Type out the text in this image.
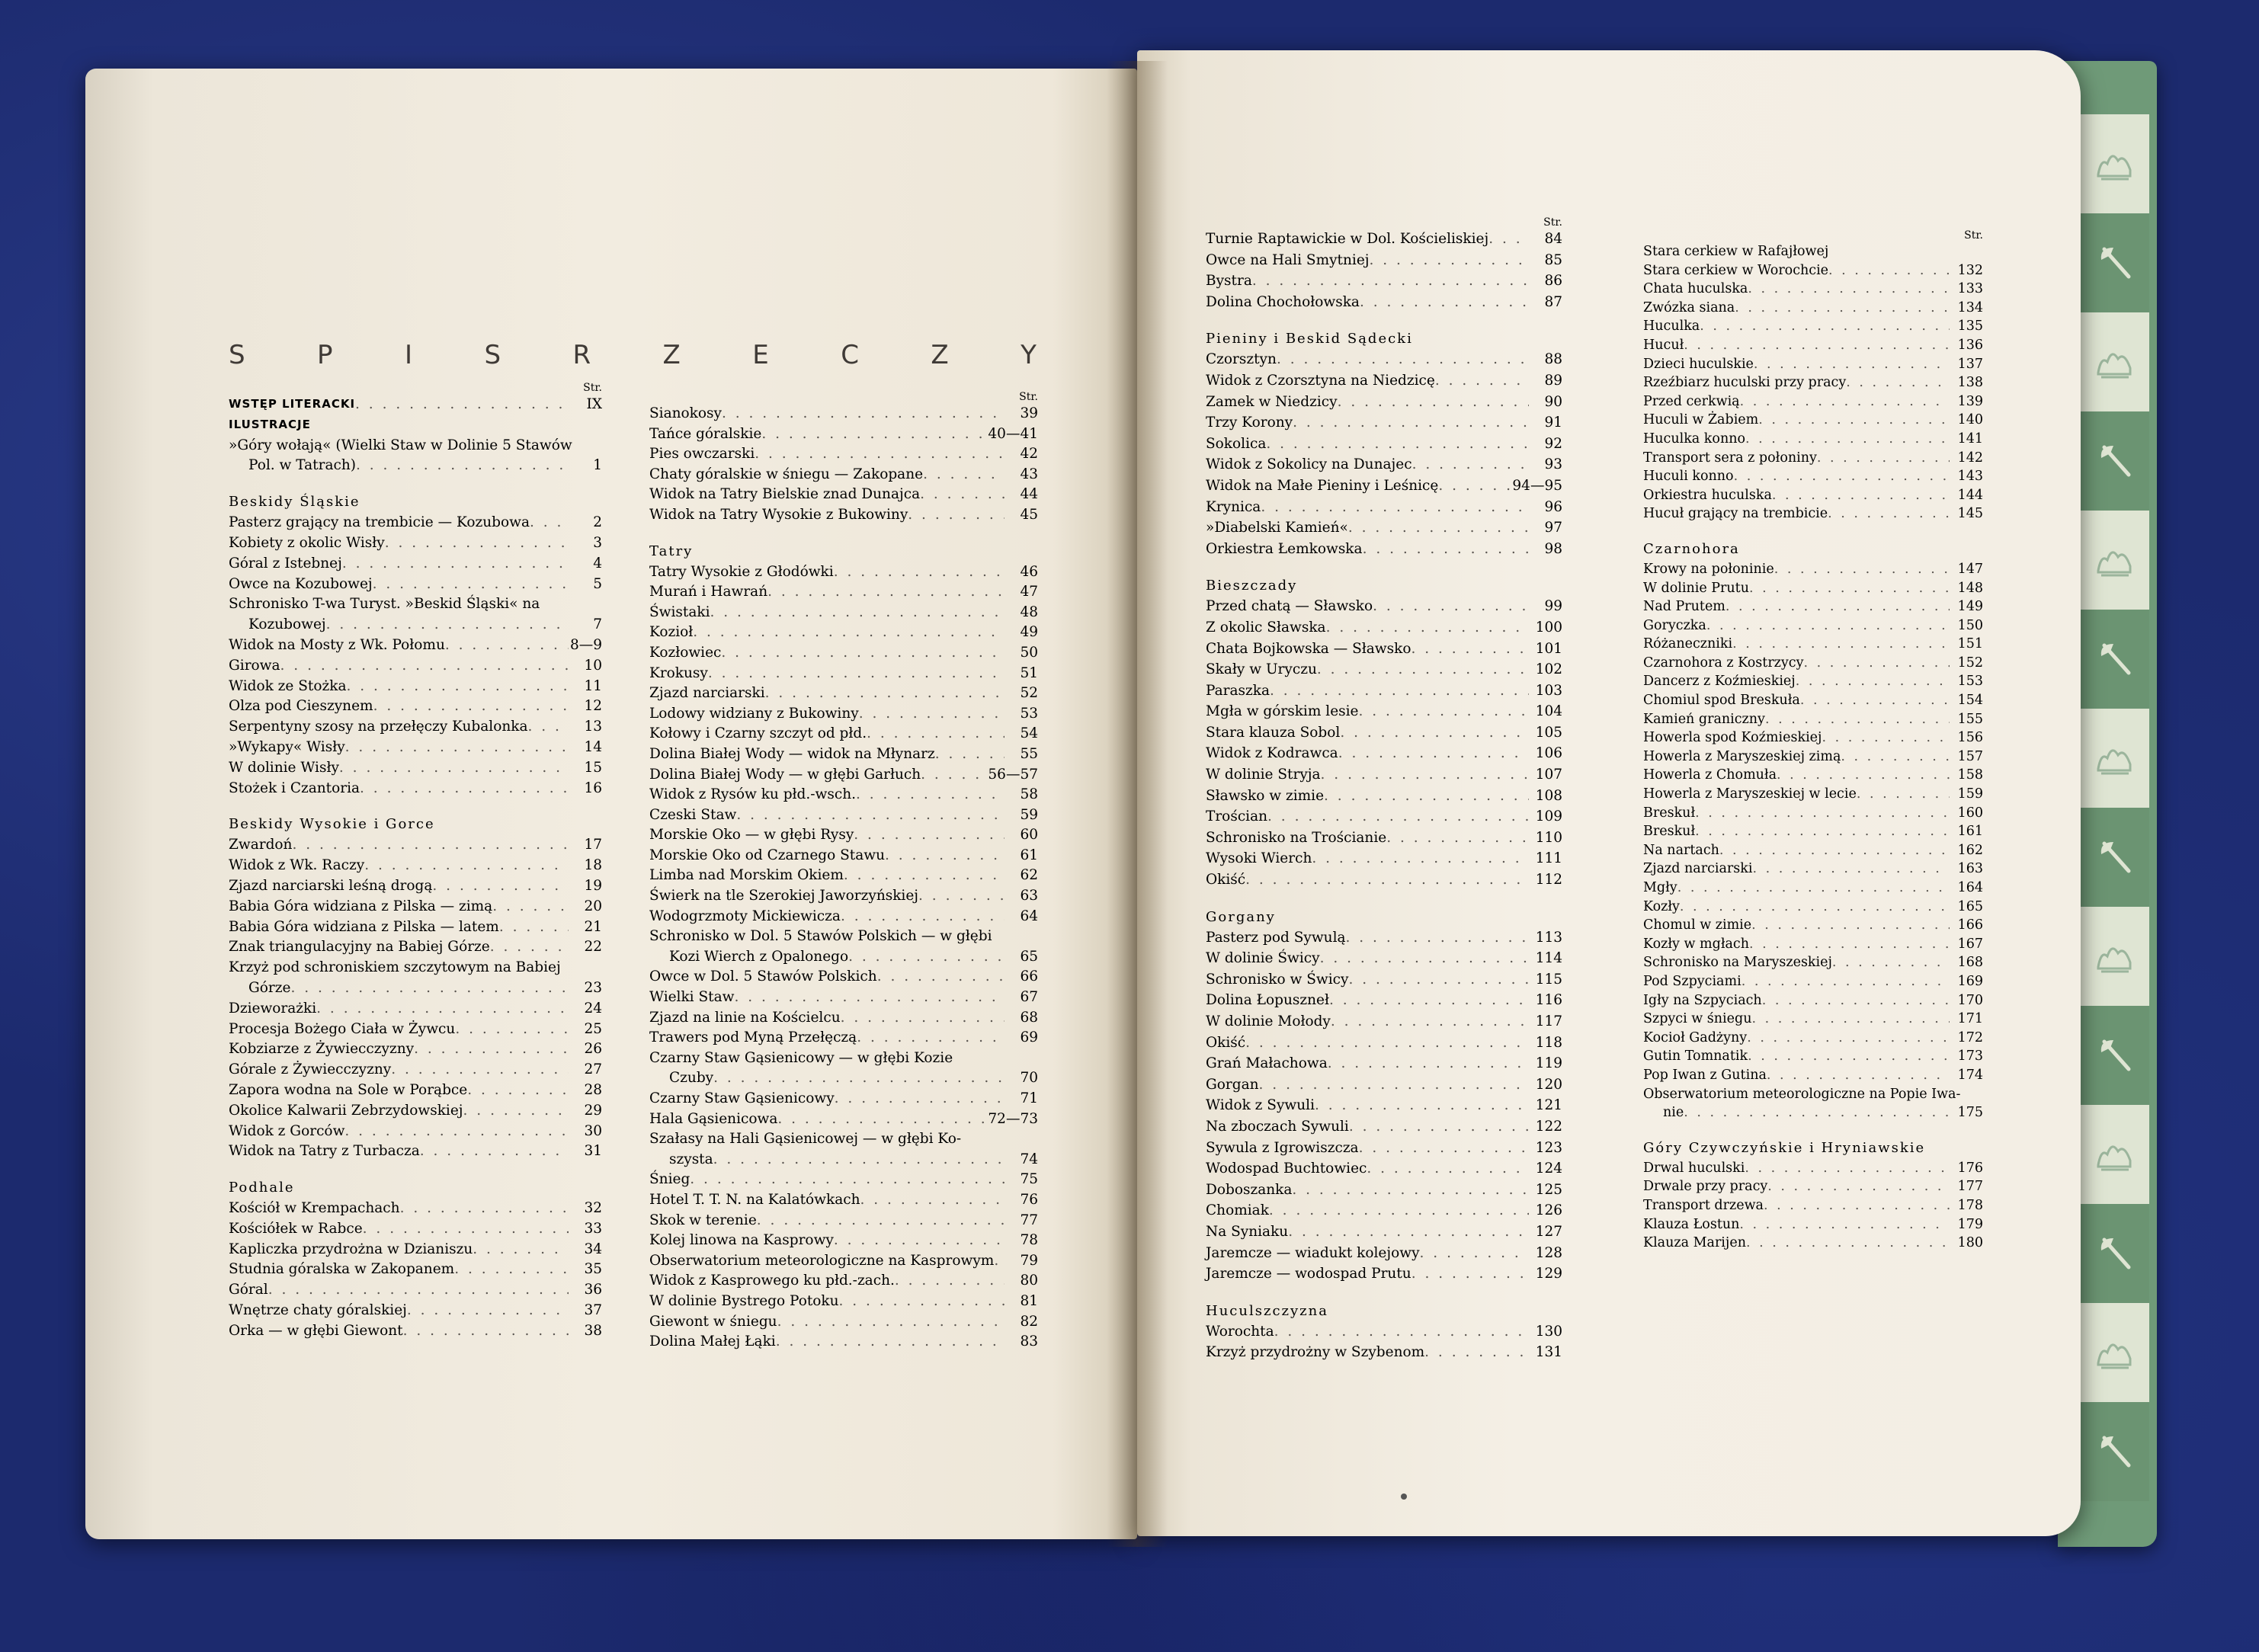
S	P	I	S	R	Z	E	C	Z	Y
Str.
WSTĘP LITERACKI . . .	IX
ILUSTRACJE
»Góry wołają« (Wielki Staw w Dolinie 5 Stawów
Pol. w Tatrach) . . .	1
Beskidy Śląskie
Pasterz grający na trembicie — Kozubowa . . .	2
Kobiety z okolic Wisły . . .	3
Góral z Istebnej . . .	4
Owce na Kozubowej . . .	5
Schronisko T-wa Turyst. »Beskid Śląski« na
Kozubowej . . .	7
Widok na Mosty z Wk. Połomu . . .	8—9
Girowa . . .	10
Widok ze Stożka . . .	11
Olza pod Cieszynem . . .	12
Serpentyny szosy na przełęczy Kubalonka . . .	13
»Wykapy« Wisły . . .	14
W dolinie Wisły . . .	15
Stożek i Czantoria . . .	16
Beskidy Wysokie i Gorce
Zwardoń . . .	17
Widok z Wk. Raczy . . .	18
Zjazd narciarski leśną drogą . . .	19
Babia Góra widziana z Pilska — zimą . . .	20
Babia Góra widziana z Pilska — latem . . .	21
Znak triangulacyjny na Babiej Górze . . .	22
Krzyż pod schroniskiem szczytowym na Babiej
Górze . . .	23
Dzieworażki . . .	24
Procesja Bożego Ciała w Żywcu . . .	25
Kobziarze z Żywiecczyzny . . .	26
Górale z Żywiecczyzny . . .	27
Zapora wodna na Sole w Porąbce . . .	28
Okolice Kalwarii Zebrzydowskiej . . .	29
Widok z Gorców . . .	30
Widok na Tatry z Turbacza . . .	31
Podhale
Kościół w Krempachach . . .	32
Kościółek w Rabce . . .	33
Kapliczka przydrożna w Dzianiszu . . .	34
Studnia góralska w Zakopanem . . .	35
Góral . . .	36
Wnętrze chaty góralskiej . . .	37
Orka — w głębi Giewont . . .	38
Str.
Sianokosy . . .	39
Tańce góralskie . . .	40—41
Pies owczarski . . .	42
Chaty góralskie w śniegu — Zakopane . . .	43
Widok na Tatry Bielskie znad Dunajca . . .	44
Widok na Tatry Wysokie z Bukowiny . . .	45
Tatry
Tatry Wysokie z Głodówki . . .	46
Murań i Hawrań . . .	47
Świstaki . . .	48
Kozioł . . .	49
Kozłowiec . . .	50
Krokusy . . .	51
Zjazd narciarski . . .	52
Lodowy widziany z Bukowiny . . .	53
Kołowy i Czarny szczyt od płd. . . .	54
Dolina Białej Wody — widok na Młynarz . . .	55
Dolina Białej Wody — w głębi Garłuch . . .	56—57
Widok z Rysów ku płd.-wsch. . . .	58
Czeski Staw . . .	59
Morskie Oko — w głębi Rysy . . .	60
Morskie Oko od Czarnego Stawu . . .	61
Limba nad Morskim Okiem . . .	62
Świerk na tle Szerokiej Jaworzyńskiej . . .	63
Wodogrzmoty Mickiewicza . . .	64
Schronisko w Dol. 5 Stawów Polskich — w głębi
Kozi Wierch z Opalonego . . .	65
Owce w Dol. 5 Stawów Polskich . . .	66
Wielki Staw . . .	67
Zjazd na linie na Kościelcu . . .	68
Trawers pod Myną Przełęczą . . .	69
Czarny Staw Gąsienicowy — w głębi Kozie
Czuby . . .	70
Czarny Staw Gąsienicowy . . .	71
Hala Gąsienicowa . . .	72—73
Szałasy na Hali Gąsienicowej — w głębi Ko-
szysta . . .	74
Śnieg . . .	75
Hotel T. T. N. na Kalatówkach . . .	76
Skok w terenie . . .	77
Kolej linowa na Kasprowy . . .	78
Obserwatorium meteorologiczne na Kasprowym . . .	79
Widok z Kasprowego ku płd.-zach. . . .	80
W dolinie Bystrego Potoku . . .	81
Giewont w śniegu . . .	82
Dolina Małej Łąki . . .	83
Str.
Turnie Raptawickie w Dol. Kościeliskiej . . .	84
Owce na Hali Smytniej . . .	85
Bystra . . .	86
Dolina Chochołowska . . .	87
Pieniny i Beskid Sądecki
Czorsztyn . . .	88
Widok z Czorsztyna na Niedzicę . . .	89
Zamek w Niedzicy . . .	90
Trzy Korony . . .	91
Sokolica . . .	92
Widok z Sokolicy na Dunajec . . .	93
Widok na Małe Pieniny i Leśnicę . . .	94—95
Krynica . . .	96
»Diabelski Kamień« . . .	97
Orkiestra Łemkowska . . .	98
Bieszczady
Przed chatą — Sławsko . . .	99
Z okolic Sławska . . .	100
Chata Bojkowska — Sławsko . . .	101
Skały w Uryczu . . .	102
Paraszka . . .	103
Mgła w górskim lesie . . .	104
Stara klauza Sobol . . .	105
Widok z Kodrawca . . .	106
W dolinie Stryja . . .	107
Sławsko w zimie . . .	108
Trościan . . .	109
Schronisko na Trościanie . . .	110
Wysoki Wierch . . .	111
Okiść . . .	112
Gorgany
Pasterz pod Sywulą . . .	113
W dolinie Świcy . . .	114
Schronisko w Świcy . . .	115
Dolina Łopuszneł . . .	116
W dolinie Mołody . . .	117
Okiść . . .	118
Grań Małachowa . . .	119
Gorgan . . .	120
Widok z Sywuli . . .	121
Na zboczach Sywuli . . .	122
Sywula z Igrowiszcza . . .	123
Wodospad Buchtowiec . . .	124
Doboszanka . . .	125
Chomiak . . .	126
Na Syniaku . . .	127
Jaremcze — wiadukt kolejowy . . .	128
Jaremcze — wodospad Prutu . . .	129
Huculszczyzna
Worochta . . .	130
Krzyż przydrożny w Szybenom . . .	131
Str.
Stara cerkiew w Rafajłowej
Stara cerkiew w Worochcie . . .	132
Chata huculska . . .	133
Zwózka siana . . .	134
Huculka . . .	135
Hucuł . . .	136
Dzieci huculskie . . .	137
Rzeźbiarz huculski przy pracy . . .	138
Przed cerkwią . . .	139
Huculi w Żabiem . . .	140
Huculka konno . . .	141
Transport sera z połoniny . . .	142
Huculi konno . . .	143
Orkiestra huculska . . .	144
Hucuł grający na trembicie . . .	145
Czarnohora
Krowy na połoninie . . .	147
W dolinie Prutu . . .	148
Nad Prutem . . .	149
Goryczka . . .	150
Różaneczniki . . .	151
Czarnohora z Kostrzycy . . .	152
Dancerz z Koźmieskiej . . .	153
Chomiul spod Breskuła . . .	154
Kamień graniczny . . .	155
Howerla spod Koźmieskiej . . .	156
Howerla z Maryszeskiej zimą . . .	157
Howerla z Chomuła . . .	158
Howerla z Maryszeskiej w lecie . . .	159
Breskuł . . .	160
Breskuł . . .	161
Na nartach . . .	162
Zjazd narciarski . . .	163
Mgły . . .	164
Kozły . . .	165
Chomul w zimie . . .	166
Kozły w mgłach . . .	167
Schronisko na Maryszeskiej . . .	168
Pod Szpyciami . . .	169
Igły na Szpyciach . . .	170
Szpyci w śniegu . . .	171
Kocioł Gadżyny . . .	172
Gutin Tomnatik . . .	173
Pop Iwan z Gutina . . .	174
Obserwatorium meteorologiczne na Popie Iwa-
nie . . .	175
Góry Czywczyńskie i Hryniawskie
Drwal huculski . . .	176
Drwale przy pracy . . .	177
Transport drzewa . . .	178
Klauza Łostun . . .	179
Klauza Marijen . . .	180
